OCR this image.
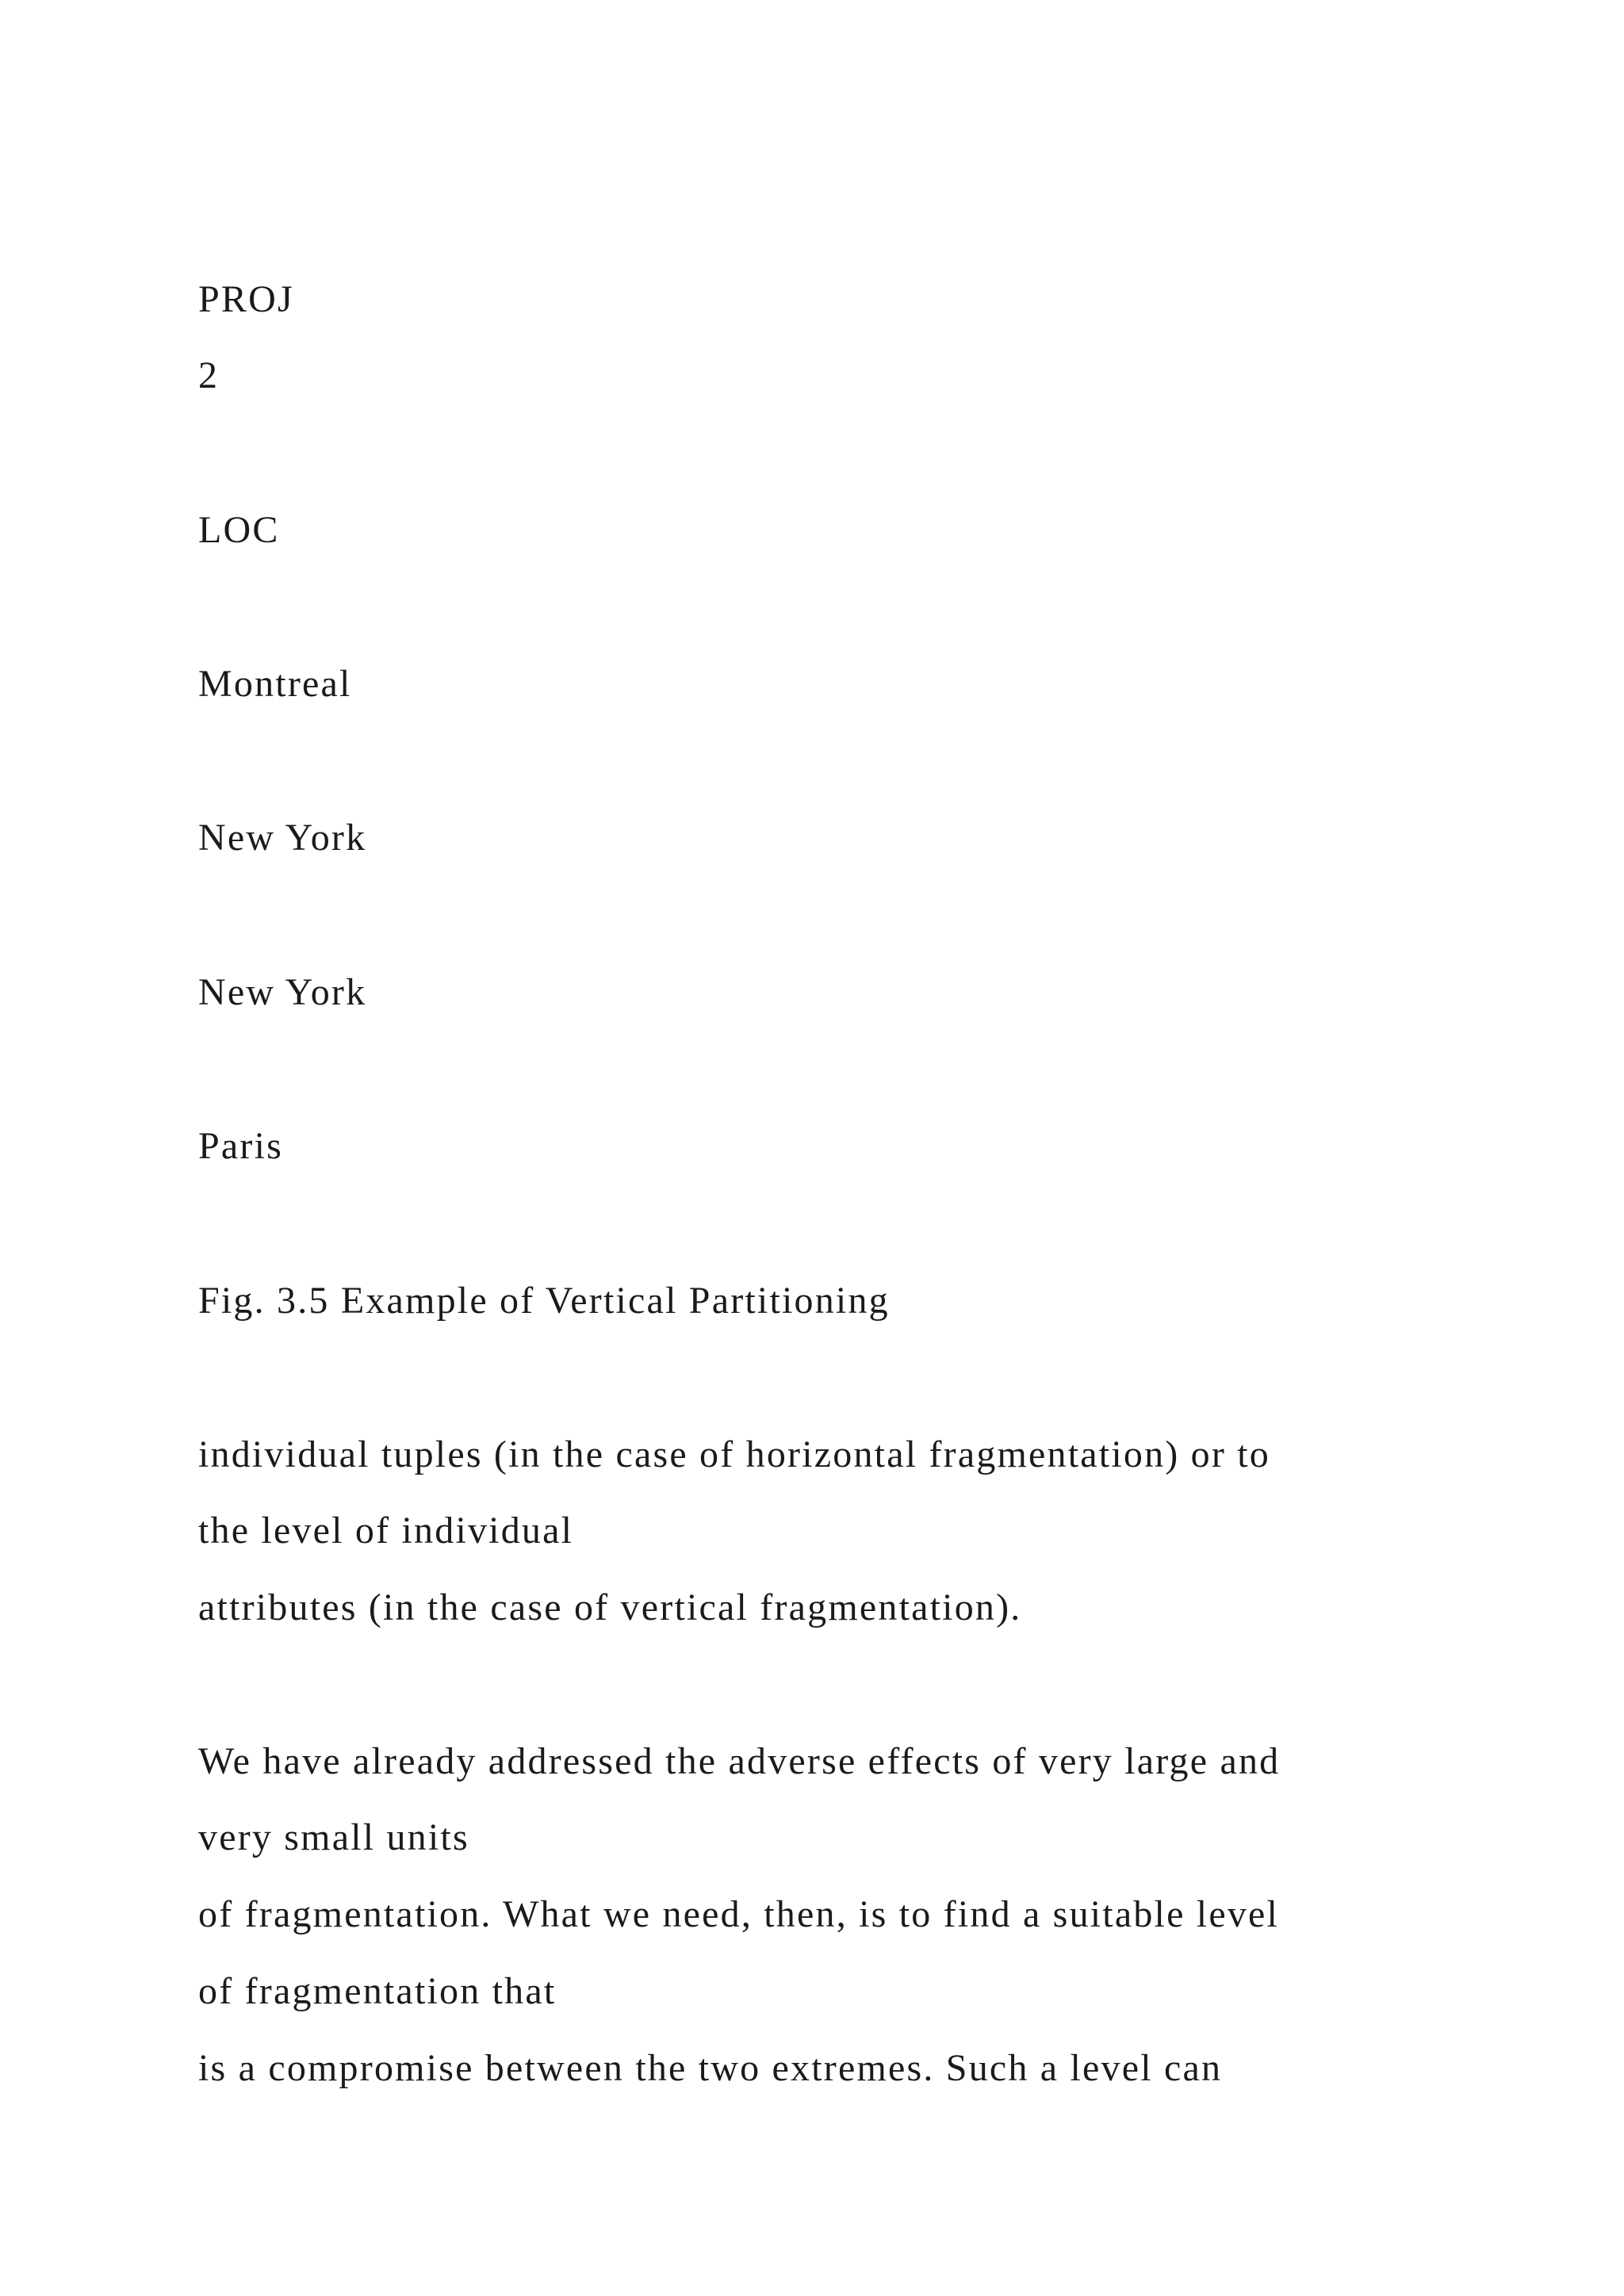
PROJ
2
LOC
Montreal
New York
New York
Paris
Fig. 3.5 Example of Vertical Partitioning
individual tuples (in the case of horizontal fragmentation) or to
the level of individual
attributes (in the case of vertical fragmentation).
We have already addressed the adverse effects of very large and
very small units
of fragmentation. What we need, then, is to find a suitable level
of fragmentation that
is a compromise between the two extremes. Such a level can
